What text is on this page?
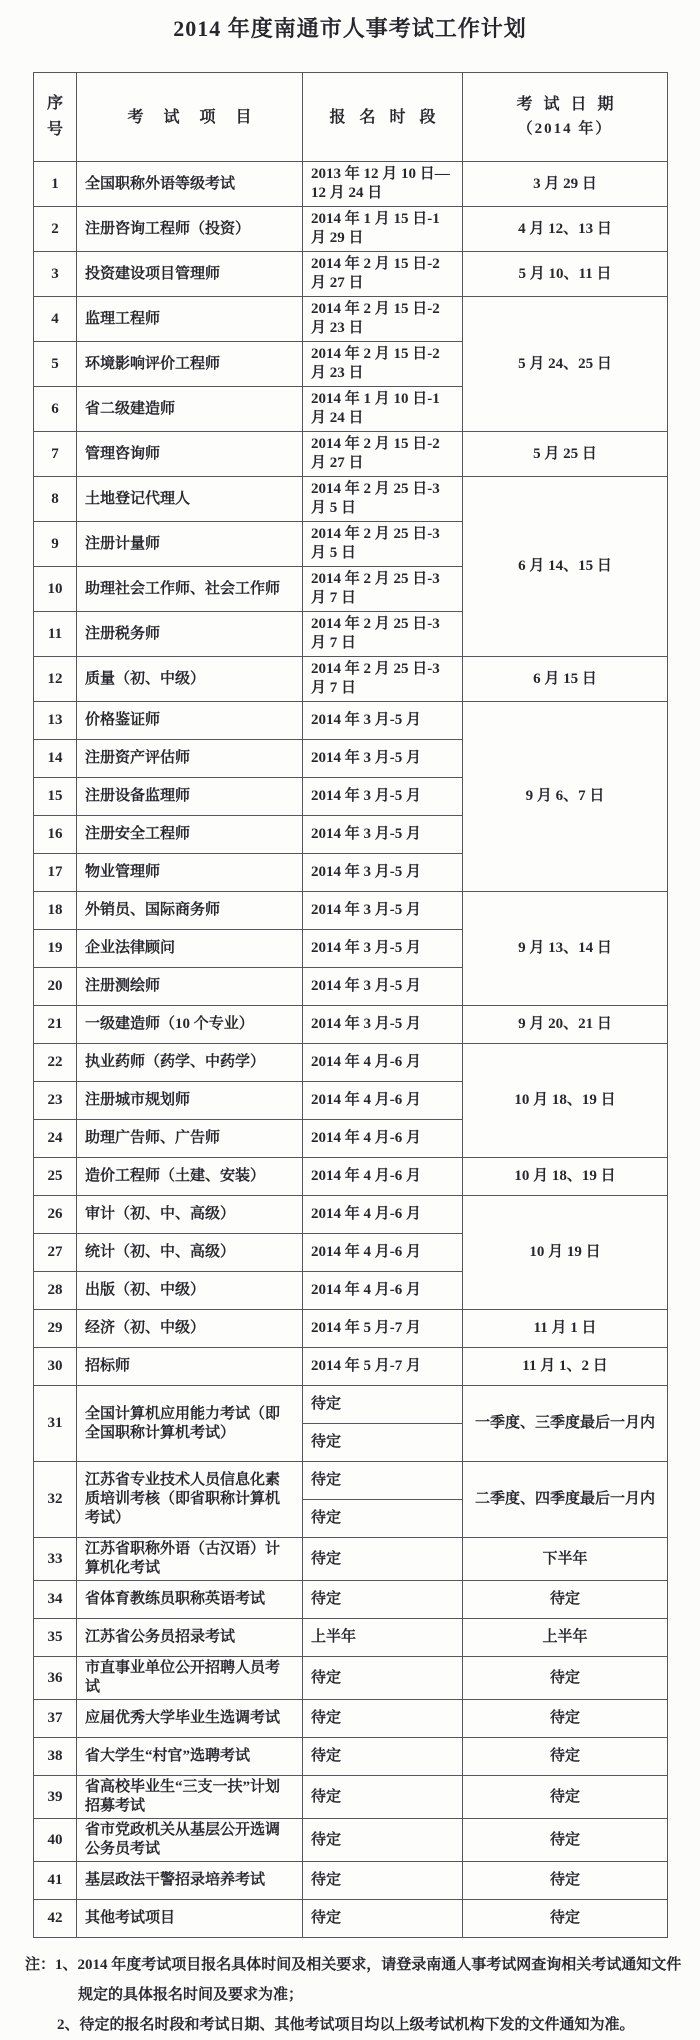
2014 年度南通市人事考试工作计划
序号	考试项目	报名时段	考试日期
（2014 年）

1	全国职称外语等级考试	2013 年 12 月 10 日—12 月 24 日	3 月 29 日
2	注册咨询工程师（投资）	2014 年 1 月 15 日-1 月 29 日	4 月 12、13 日
3	投资建设项目管理师	2014 年 2 月 15 日-2 月 27 日	5 月 10、11 日
4	监理工程师	2014 年 2 月 15 日-2 月 23 日	5 月 24、25 日
5	环境影响评价工程师	2014 年 2 月 15 日-2 月 23 日	
6	省二级建造师	2014 年 1 月 10 日-1 月 24 日	
7	管理咨询师	2014 年 2 月 15 日-2 月 27 日	5 月 25 日
8	土地登记代理人	2014 年 2 月 25 日-3 月 5 日	6 月 14、15 日
9	注册计量师	2014 年 2 月 25 日-3 月 5 日	
10	助理社会工作师、社会工作师	2014 年 2 月 25 日-3 月 7 日	
11	注册税务师	2014 年 2 月 25 日-3 月 7 日	
12	质量（初、中级）	2014 年 2 月 25 日-3 月 7 日	6 月 15 日
13	价格鉴证师	2014 年 3 月-5 月	9 月 6、7 日
14	注册资产评估师	2014 年 3 月-5 月	
15	注册设备监理师	2014 年 3 月-5 月	
16	注册安全工程师	2014 年 3 月-5 月	
17	物业管理师	2014 年 3 月-5 月	
18	外销员、国际商务师	2014 年 3 月-5 月	9 月 13、14 日
19	企业法律顾问	2014 年 3 月-5 月	
20	注册测绘师	2014 年 3 月-5 月	
21	一级建造师（10 个专业）	2014 年 3 月-5 月	9 月 20、21 日
22	执业药师（药学、中药学）	2014 年 4 月-6 月	10 月 18、19 日
23	注册城市规划师	2014 年 4 月-6 月	
24	助理广告师、广告师	2014 年 4 月-6 月	
25	造价工程师（土建、安装）	2014 年 4 月-6 月	10 月 18、19 日
26	审计（初、中、高级）	2014 年 4 月-6 月	10 月 19 日
27	统计（初、中、高级）	2014 年 4 月-6 月	
28	出版（初、中级）	2014 年 4 月-6 月	
29	经济（初、中级）	2014 年 5 月-7 月	11 月 1 日
30	招标师	2014 年 5 月-7 月	11 月 1、2 日
31	全国计算机应用能力考试（即全国职称计算机考试）	待定	一季度、三季度最后一月内
		待定	
32	江苏省专业技术人员信息化素质培训考核（即省职称计算机考试）	待定	二季度、四季度最后一月内
		待定	
33	江苏省职称外语（古汉语）计算机化考试	待定	下半年
34	省体育教练员职称英语考试	待定	待定
35	江苏省公务员招录考试	上半年	上半年
36	市直事业单位公开招聘人员考试	待定	待定
37	应届优秀大学毕业生选调考试	待定	待定
38	省大学生“村官”选聘考试	待定	待定
39	省高校毕业生“三支一扶”计划招募考试	待定	待定
40	省市党政机关从基层公开选调公务员考试	待定	待定
41	基层政法干警招录培养考试	待定	待定
42	其他考试项目	待定	待定
注：1、2014 年度考试项目报名具体时间及相关要求，请登录南通人事考试网查询相关考试通知文件规定的具体报名时间及要求为准；
2、待定的报名时段和考试日期、其他考试项目均以上级考试机构下发的文件通知为准。
